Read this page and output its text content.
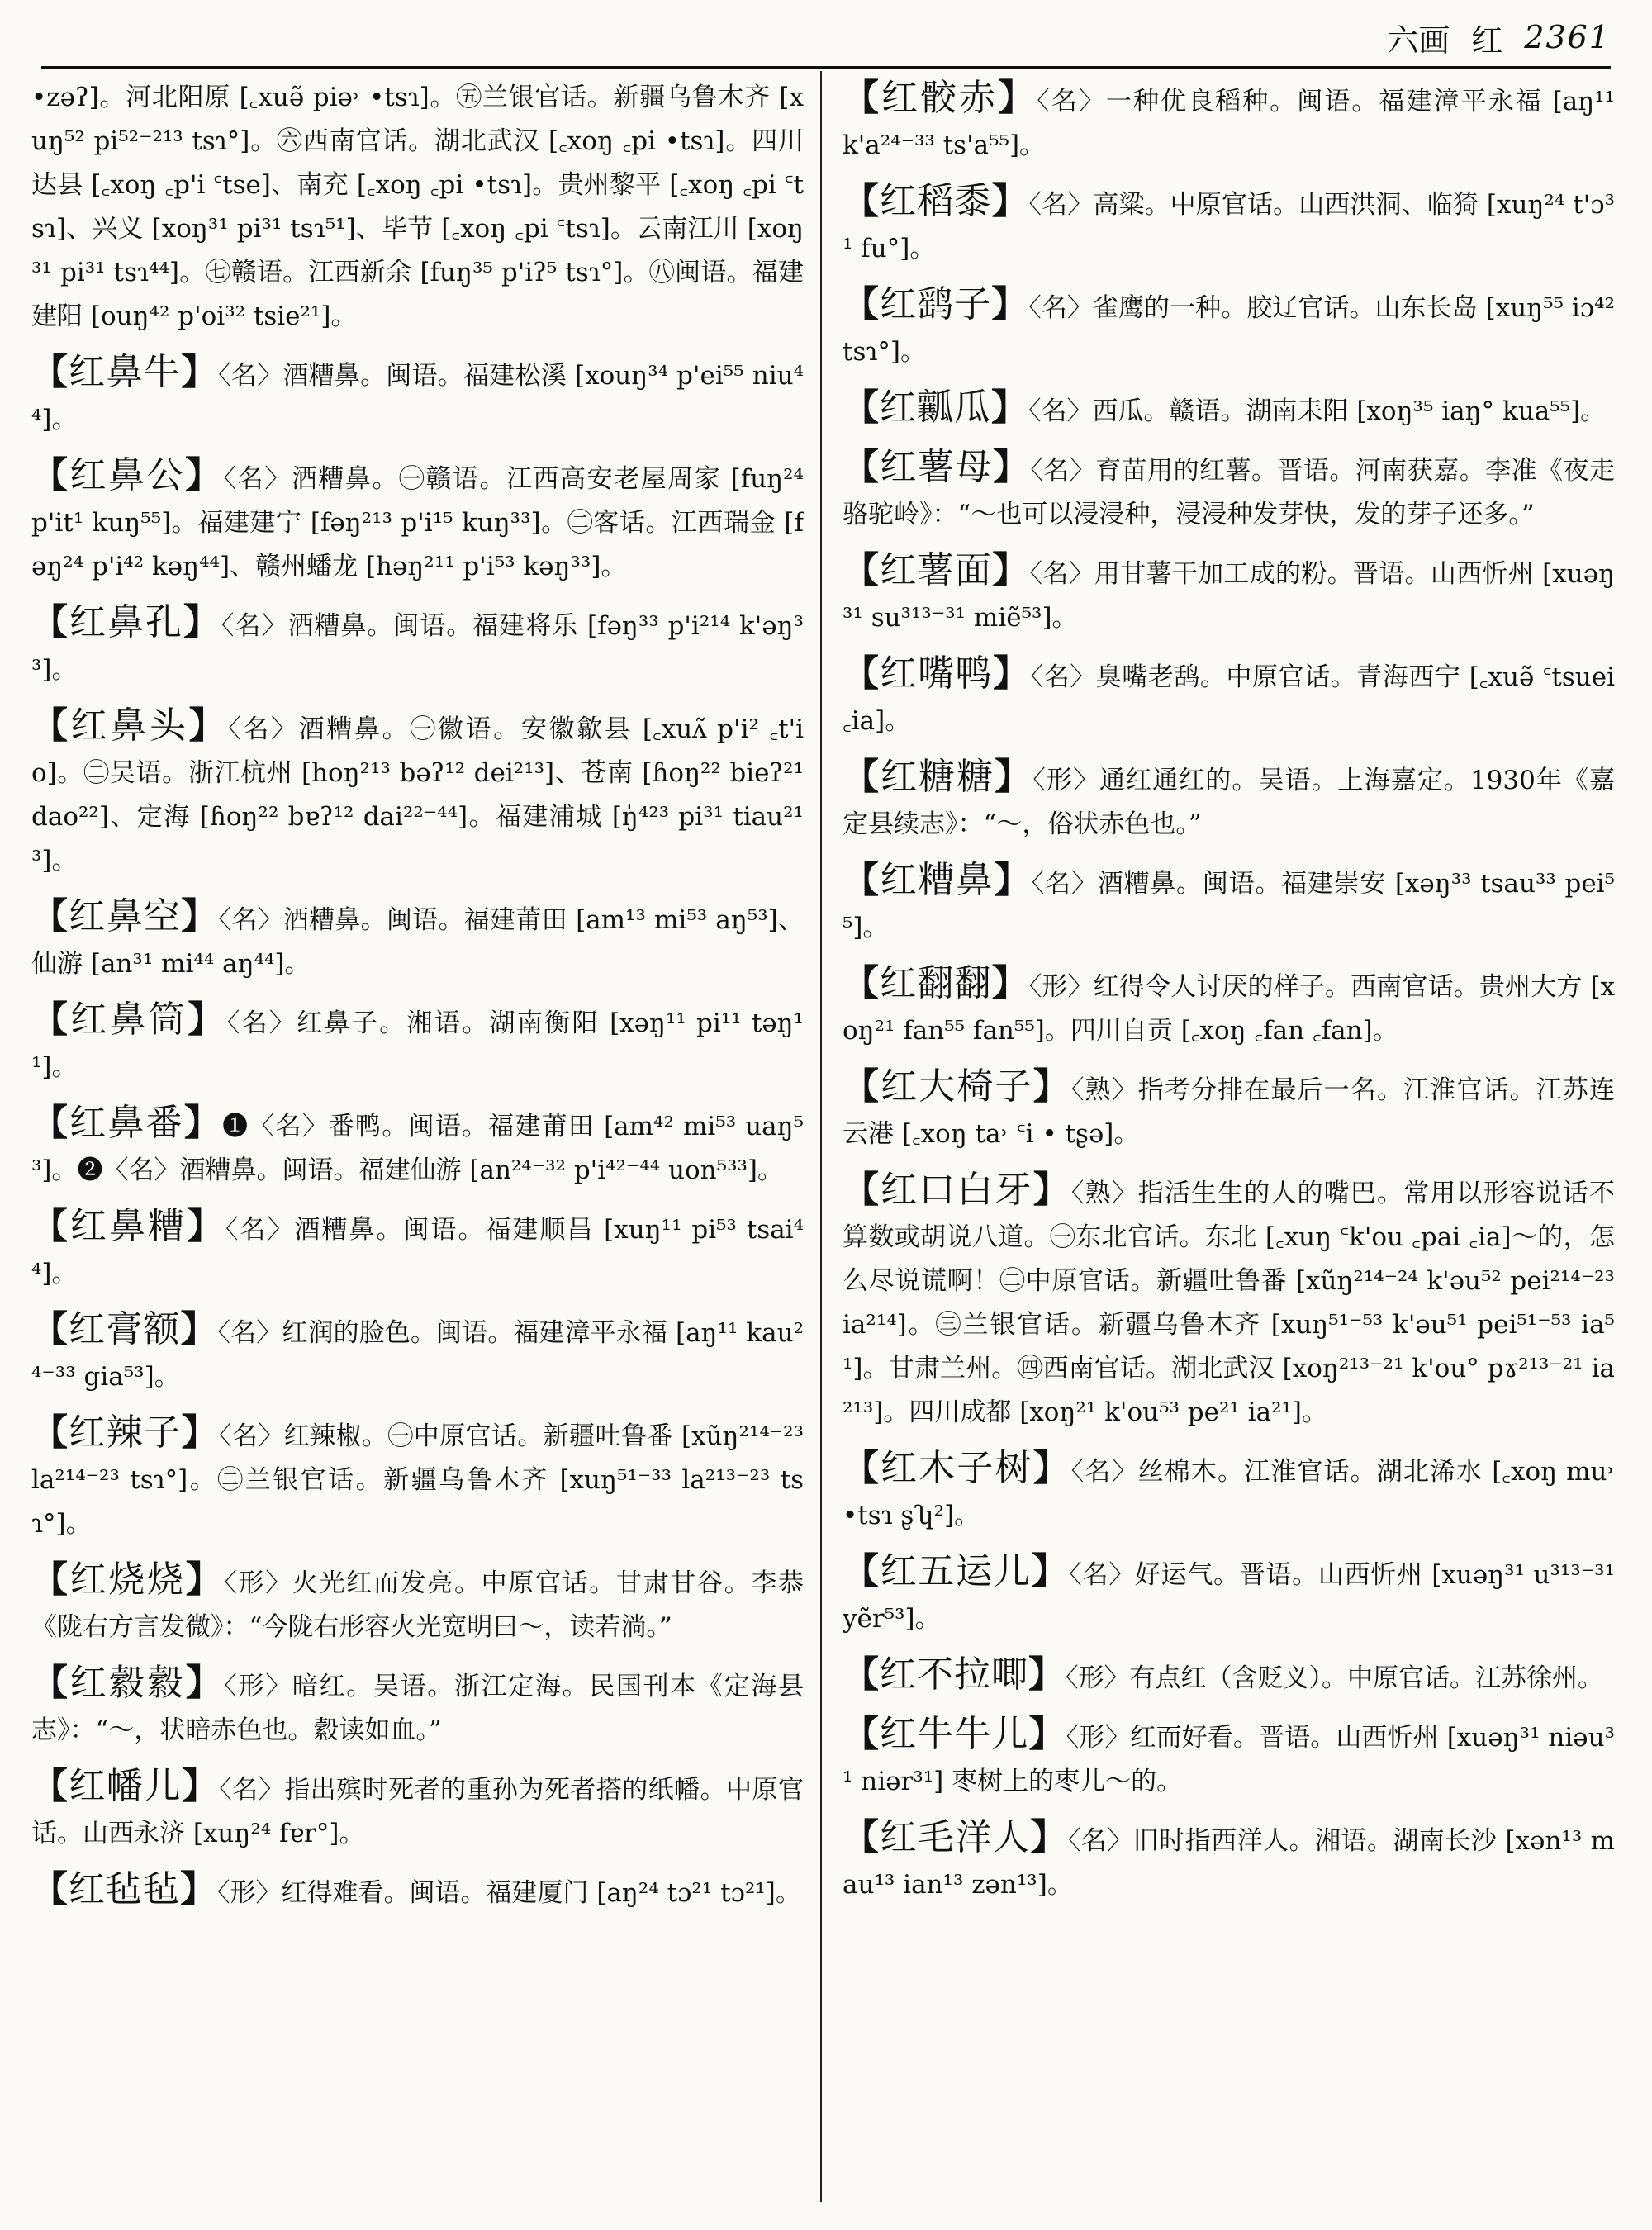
六画 红 2361
•zəʔ]。河北阳原 [꜀xuə̃ piə˒ •tsɿ]。㊄兰银官话。新疆乌鲁木齐 [xuŋ⁵² pi⁵²⁻²¹³ tsɿ°]。㊅西南官话。湖北武汉 [꜀xoŋ ꜀pi •tsɿ]。四川达县 [꜀xoŋ ꜀p'i ꜂tse]、南充 [꜀xoŋ ꜀pi •tsɿ]。贵州黎平 [꜀xoŋ ꜀pi ꜂tsɿ]、兴义 [xoŋ³¹ pi³¹ tsɿ⁵¹]、毕节 [꜀xoŋ ꜀pi ꜂tsɿ]。云南江川 [xoŋ³¹ pi³¹ tsɿ⁴⁴]。㊆赣语。江西新余 [fuŋ³⁵ p'iʔ⁵ tsɿ°]。㊇闽语。福建建阳 [ouŋ⁴² p'oi³² tsie²¹]。
【红鼻牛】〈名〉酒糟鼻。闽语。福建松溪 [xouŋ³⁴ p'ei⁵⁵ niu⁴⁴]。
【红鼻公】〈名〉酒糟鼻。㊀赣语。江西高安老屋周家 [fuŋ²⁴ p'it¹ kuŋ⁵⁵]。福建建宁 [fəŋ²¹³ p'i¹⁵ kuŋ³³]。㊁客话。江西瑞金 [fəŋ²⁴ p'i⁴² kəŋ⁴⁴]、赣州蟠龙 [həŋ²¹¹ p'i⁵³ kəŋ³³]。
【红鼻孔】〈名〉酒糟鼻。闽语。福建将乐 [fəŋ³³ p'i²¹⁴ k'əŋ³³]。
【红鼻头】〈名〉酒糟鼻。㊀徽语。安徽歙县 [꜀xuʌ̃ p'i² ꜀t'io]。㊁吴语。浙江杭州 [hoŋ²¹³ bəʔ¹² dei²¹³]、苍南 [ɦoŋ²² bieʔ²¹ dao²²]、定海 [ɦoŋ²² bɐʔ¹² dai²²⁻⁴⁴]。福建浦城 [ŋ̍⁴²³ pi³¹ tiau²¹³]。
【红鼻空】〈名〉酒糟鼻。闽语。福建莆田 [am¹³ mi⁵³ aŋ⁵³]、仙游 [an³¹ mi⁴⁴ aŋ⁴⁴]。
【红鼻筒】〈名〉红鼻子。湘语。湖南衡阳 [xəŋ¹¹ pi¹¹ təŋ¹¹]。
【红鼻番】❶〈名〉番鸭。闽语。福建莆田 [am⁴² mi⁵³ uaŋ⁵³]。❷〈名〉酒糟鼻。闽语。福建仙游 [an²⁴⁻³² p'i⁴²⁻⁴⁴ uon⁵³³]。
【红鼻糟】〈名〉酒糟鼻。闽语。福建顺昌 [xuŋ¹¹ pi⁵³ tsai⁴⁴]。
【红膏额】〈名〉红润的脸色。闽语。福建漳平永福 [aŋ¹¹ kau²⁴⁻³³ gia⁵³]。
【红辣子】〈名〉红辣椒。㊀中原官话。新疆吐鲁番 [xũŋ²¹⁴⁻²³ la²¹⁴⁻²³ tsɿ°]。㊁兰银官话。新疆乌鲁木齐 [xuŋ⁵¹⁻³³ la²¹³⁻²³ tsɿ°]。
【红烧烧】〈形〉火光红而发亮。中原官话。甘肃甘谷。李恭《陇右方言发微》：“今陇右形容火光宽明曰～，读若淌。”
【红縠縠】〈形〉暗红。吴语。浙江定海。民国刊本《定海县志》：“～，状暗赤色也。縠读如血。”
【红幡儿】〈名〉指出殡时死者的重孙为死者搭的纸幡。中原官话。山西永济 [xuŋ²⁴ fɐr°]。
【红毡毡】〈形〉红得难看。闽语。福建厦门 [aŋ²⁴ tɔ²¹ tɔ²¹]。
【红骹赤】〈名〉一种优良稻种。闽语。福建漳平永福 [aŋ¹¹ k'a²⁴⁻³³ ts'a⁵⁵]。
【红稻黍】〈名〉高粱。中原官话。山西洪洞、临猗 [xuŋ²⁴ t'ɔ³¹ fu°]。
【红鹞子】〈名〉雀鹰的一种。胶辽官话。山东长岛 [xuŋ⁵⁵ iɔ⁴² tsɿ°]。
【红瓤瓜】〈名〉西瓜。赣语。湖南耒阳 [xoŋ³⁵ iaŋ° kua⁵⁵]。
【红薯母】〈名〉育苗用的红薯。晋语。河南获嘉。李准《夜走骆驼岭》：“～也可以浸浸种，浸浸种发芽快，发的芽子还多。”
【红薯面】〈名〉用甘薯干加工成的粉。晋语。山西忻州 [xuəŋ³¹ su³¹³⁻³¹ miẽ⁵³]。
【红嘴鸭】〈名〉臭嘴老鸹。中原官话。青海西宁 [꜀xuə̃ ꜂tsuei ꜀ia]。
【红糖糖】〈形〉通红通红的。吴语。上海嘉定。1930年《嘉定县续志》：“～，俗状赤色也。”
【红糟鼻】〈名〉酒糟鼻。闽语。福建崇安 [xəŋ³³ tsau³³ pei⁵⁵]。
【红翻翻】〈形〉红得令人讨厌的样子。西南官话。贵州大方 [xoŋ²¹ fan⁵⁵ fan⁵⁵]。四川自贡 [꜀xoŋ ꜀fan ꜀fan]。
【红大椅子】〈熟〉指考分排在最后一名。江淮官话。江苏连云港 [꜀xoŋ ta˒ ꜂i • tʂə]。
【红口白牙】〈熟〉指活生生的人的嘴巴。常用以形容说话不算数或胡说八道。㊀东北官话。东北 [꜀xuŋ ꜂k'ou ꜀pai ꜀ia]～的，怎么尽说谎啊！㊁中原官话。新疆吐鲁番 [xũŋ²¹⁴⁻²⁴ k'əu⁵² pei²¹⁴⁻²³ ia²¹⁴]。㊂兰银官话。新疆乌鲁木齐 [xuŋ⁵¹⁻⁵³ k'əu⁵¹ pei⁵¹⁻⁵³ ia⁵¹]。甘肃兰州。㊃西南官话。湖北武汉 [xoŋ²¹³⁻²¹ k'ou° pɤ²¹³⁻²¹ ia²¹³]。四川成都 [xoŋ²¹ k'ou⁵³ pe²¹ ia²¹]。
【红木子树】〈名〉丝棉木。江淮官话。湖北浠水 [꜀xoŋ mu˒ •tsɿ ʂʮ²]。
【红五运儿】〈名〉好运气。晋语。山西忻州 [xuəŋ³¹ u³¹³⁻³¹ yẽr⁵³]。
【红不拉唧】〈形〉有点红（含贬义）。中原官话。江苏徐州。
【红牛牛儿】〈形〉红而好看。晋语。山西忻州 [xuəŋ³¹ niəu³¹ niər³¹] 枣树上的枣儿～的。
【红毛洋人】〈名〉旧时指西洋人。湘语。湖南长沙 [xən¹³ mau¹³ ian¹³ zən¹³]。
